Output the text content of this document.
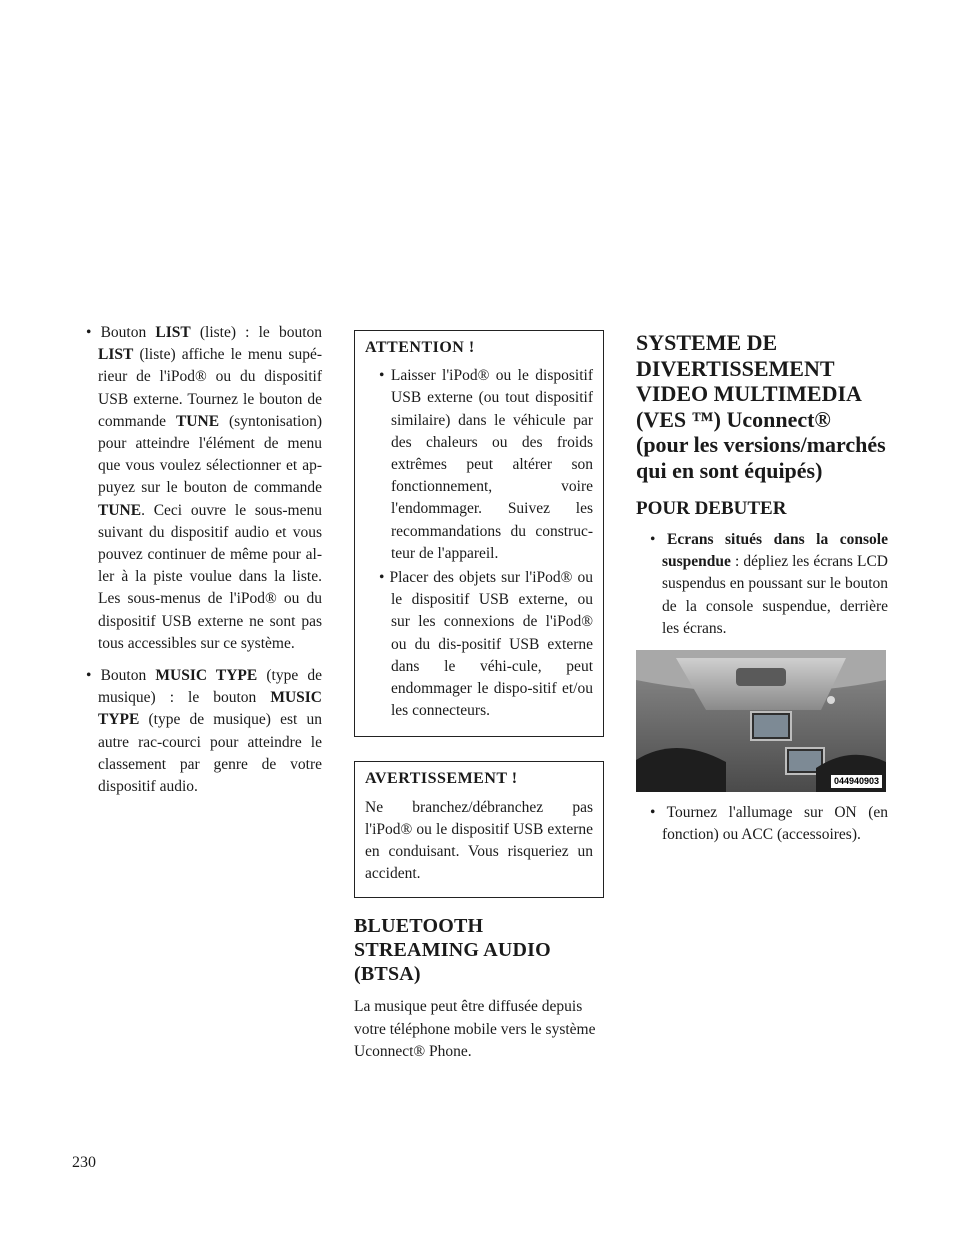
• Bouton LIST (liste) : le bouton LIST (liste) affiche le menu supé-rieur de l'iPod® ou du dispositif USB externe. Tournez le bouton de commande TUNE (syntonisation) pour atteindre l'élément de menu que vous voulez sélectionner et ap-puyez sur le bouton de commande TUNE. Ceci ouvre le sous-menu suivant du dispositif audio et vous pouvez continuer de même pour al-ler à la piste voulue dans la liste. Les sous-menus de l'iPod® ou du dispositif USB externe ne sont pas tous accessibles sur ce système.
• Bouton MUSIC TYPE (type de musique) : le bouton MUSIC TYPE (type de musique) est un autre rac-courci pour atteindre le classement par genre de votre dispositif audio.
ATTENTION !
• Laisser l'iPod® ou le dispositif USB externe (ou tout dispositif similaire) dans le véhicule par des chaleurs ou des froids extrêmes peut altérer son fonctionnement, voire l'endommager. Suivez les recommandations du construc-teur de l'appareil.
• Placer des objets sur l'iPod® ou le dispositif USB externe, ou sur les connexions de l'iPod® ou du dis-positif USB externe dans le véhi-cule, peut endommager le dispo-sitif et/ou les connecteurs.
AVERTISSEMENT !

Ne branchez/débranchez pas l'iPod® ou le dispositif USB externe en conduisant. Vous risqueriez un accident.

BLUETOOTH STREAMING AUDIO (BTSA)

La musique peut être diffusée depuis votre téléphone mobile vers le système Uconnect® Phone.

SYSTEME DE DIVERTISSEMENT VIDEO MULTIMEDIA (VES ™) Uconnect® (pour les versions/marchés qui en sont équipés)
POUR DEBUTER
• Ecrans situés dans la console suspendue : dépliez les écrans LCD suspendus en poussant sur le bouton de la console suspendue, derrière les écrans.
044940903
• Tournez l'allumage sur ON (en fonction) ou ACC (accessoires).
230
